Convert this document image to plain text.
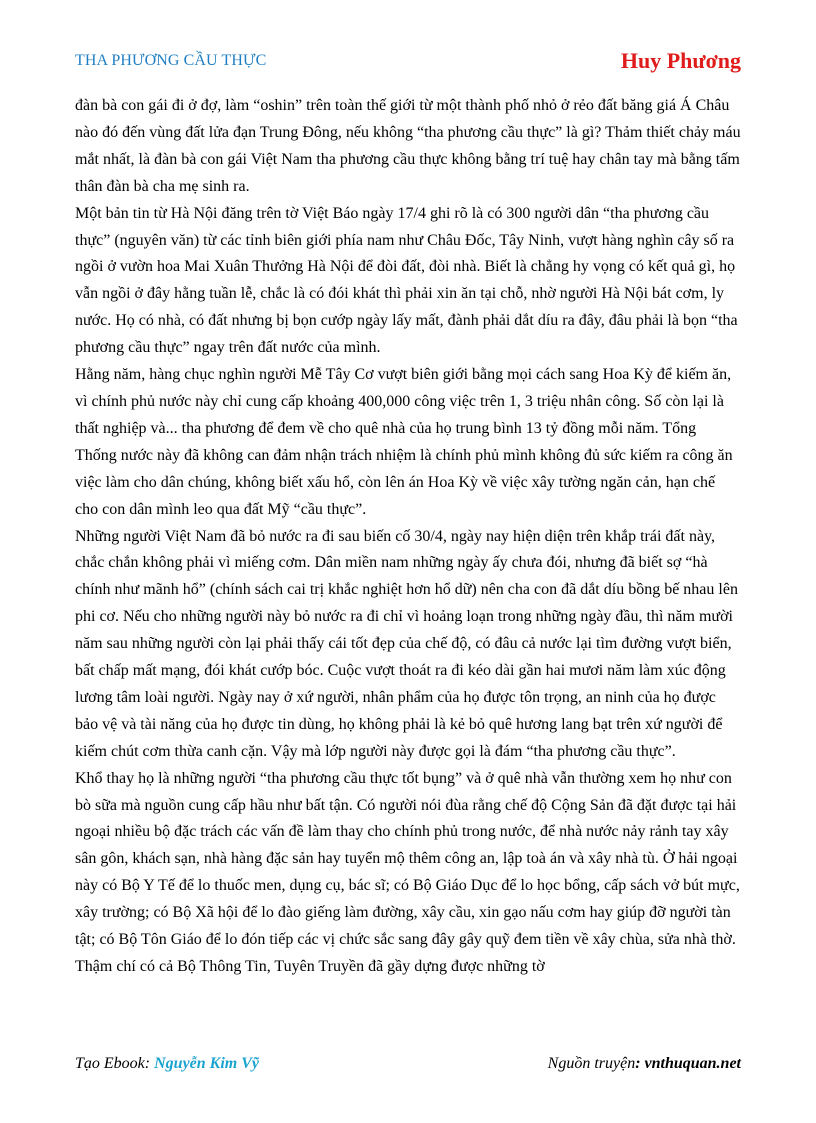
THA PHƯƠNG CẦU THỰC	Huy Phương

đàn bà con gái đi ở đợ, làm “oshin” trên toàn thế giới từ một thành phố nhỏ ở rẻo đất băng giá Á Châu nào đó đến vùng đất lửa đạn Trung Đông, nếu không “tha phương cầu thực” là gì? Thảm thiết chảy máu mắt nhất, là đàn bà con gái Việt Nam tha phương cầu thực không bằng trí tuệ hay chân tay mà bằng tấm thân đàn bà cha mẹ sinh ra.

Một bản tin từ Hà Nội đăng trên tờ Việt Báo ngày 17/4 ghi rõ là có 300 người dân “tha phương cầu thực” (nguyên văn) từ các tỉnh biên giới phía nam như Châu Đốc, Tây Ninh, vượt hàng nghìn cây số ra ngồi ở vườn hoa Mai Xuân Thưởng Hà Nội để đòi đất, đòi nhà. Biết là chẳng hy vọng có kết quả gì, họ vẫn ngồi ở đây hằng tuần lễ, chắc là có đói khát thì phải xin ăn tại chỗ, nhờ người Hà Nội bát cơm, ly nước. Họ có nhà, có đất nhưng bị bọn cướp ngày lấy mất, đành phải dắt díu ra đây, đâu phải là bọn “tha phương cầu thực” ngay trên đất nước của mình.

Hằng năm, hàng chục nghìn người Mễ Tây Cơ vượt biên giới bằng mọi cách sang Hoa Kỳ để kiếm ăn, vì chính phủ nước này chỉ cung cấp khoảng 400,000 công việc trên 1, 3 triệu nhân công. Số còn lại là thất nghiệp và... tha phương để đem về cho quê nhà của họ trung bình 13 tỷ đồng mỗi năm. Tổng Thống nước này đã không can đảm nhận trách nhiệm là chính phủ mình không đủ sức kiếm ra công ăn việc làm cho dân chúng, không biết xấu hổ, còn lên án Hoa Kỳ về việc xây tường ngăn cản, hạn chế cho con dân mình leo qua đất Mỹ “cầu thực”.

Những người Việt Nam đã bỏ nước ra đi sau biến cố 30/4, ngày nay hiện diện trên khắp trái đất này, chắc chắn không phải vì miếng cơm. Dân miền nam những ngày ấy chưa đói, nhưng đã biết sợ “hà chính như mãnh hổ” (chính sách cai trị khắc nghiệt hơn hổ dữ) nên cha con đã dắt díu bồng bế nhau lên phi cơ. Nếu cho những người này bỏ nước ra đi chỉ vì hoảng loạn trong những ngày đầu, thì năm mười năm sau những người còn lại phải thấy cái tốt đẹp của chế độ, có đâu cả nước lại tìm đường vượt biển, bất chấp mất mạng, đói khát cướp bóc. Cuộc vượt thoát ra đi kéo dài gần hai mươi năm làm xúc động lương tâm loài người. Ngày nay ở xứ người, nhân phẩm của họ được tôn trọng, an ninh của họ được bảo vệ và tài năng của họ được tin dùng, họ không phải là kẻ bỏ quê hương lang bạt trên xứ người để kiếm chút cơm thừa canh cặn. Vậy mà lớp người này được gọi là đám “tha phương cầu thực”.

Khổ thay họ là những người “tha phương cầu thực tốt bụng” và ở quê nhà vẫn thường xem họ như con bò sữa mà nguồn cung cấp hầu như bất tận. Có người nói đùa rằng chế độ Cộng Sản đã đặt được tại hải ngoại nhiều bộ đặc trách các vấn đề làm thay cho chính phủ trong nước, để nhà nước nảy rảnh tay xây sân gôn, khách sạn, nhà hàng đặc sản hay tuyển mộ thêm công an, lập toà án và xây nhà tù. Ở hải ngoại này có Bộ Y Tế để lo thuốc men, dụng cụ, bác sĩ; có Bộ Giáo Dục để lo học bổng, cấp sách vở bút mực, xây trường; có Bộ Xã hội để lo đào giếng làm đường, xây cầu, xin gạo nấu cơm hay giúp đỡ người tàn tật; có Bộ Tôn Giáo để lo đón tiếp các vị chức sắc sang đây gây quỹ đem tiền về xây chùa, sửa nhà thờ. Thậm chí có cả Bộ Thông Tin, Tuyên Truyền đã gầy dựng được những tờ

Tạo Ebook: Nguyễn Kim Vỹ	Nguồn truyện: vnthuquan.net
